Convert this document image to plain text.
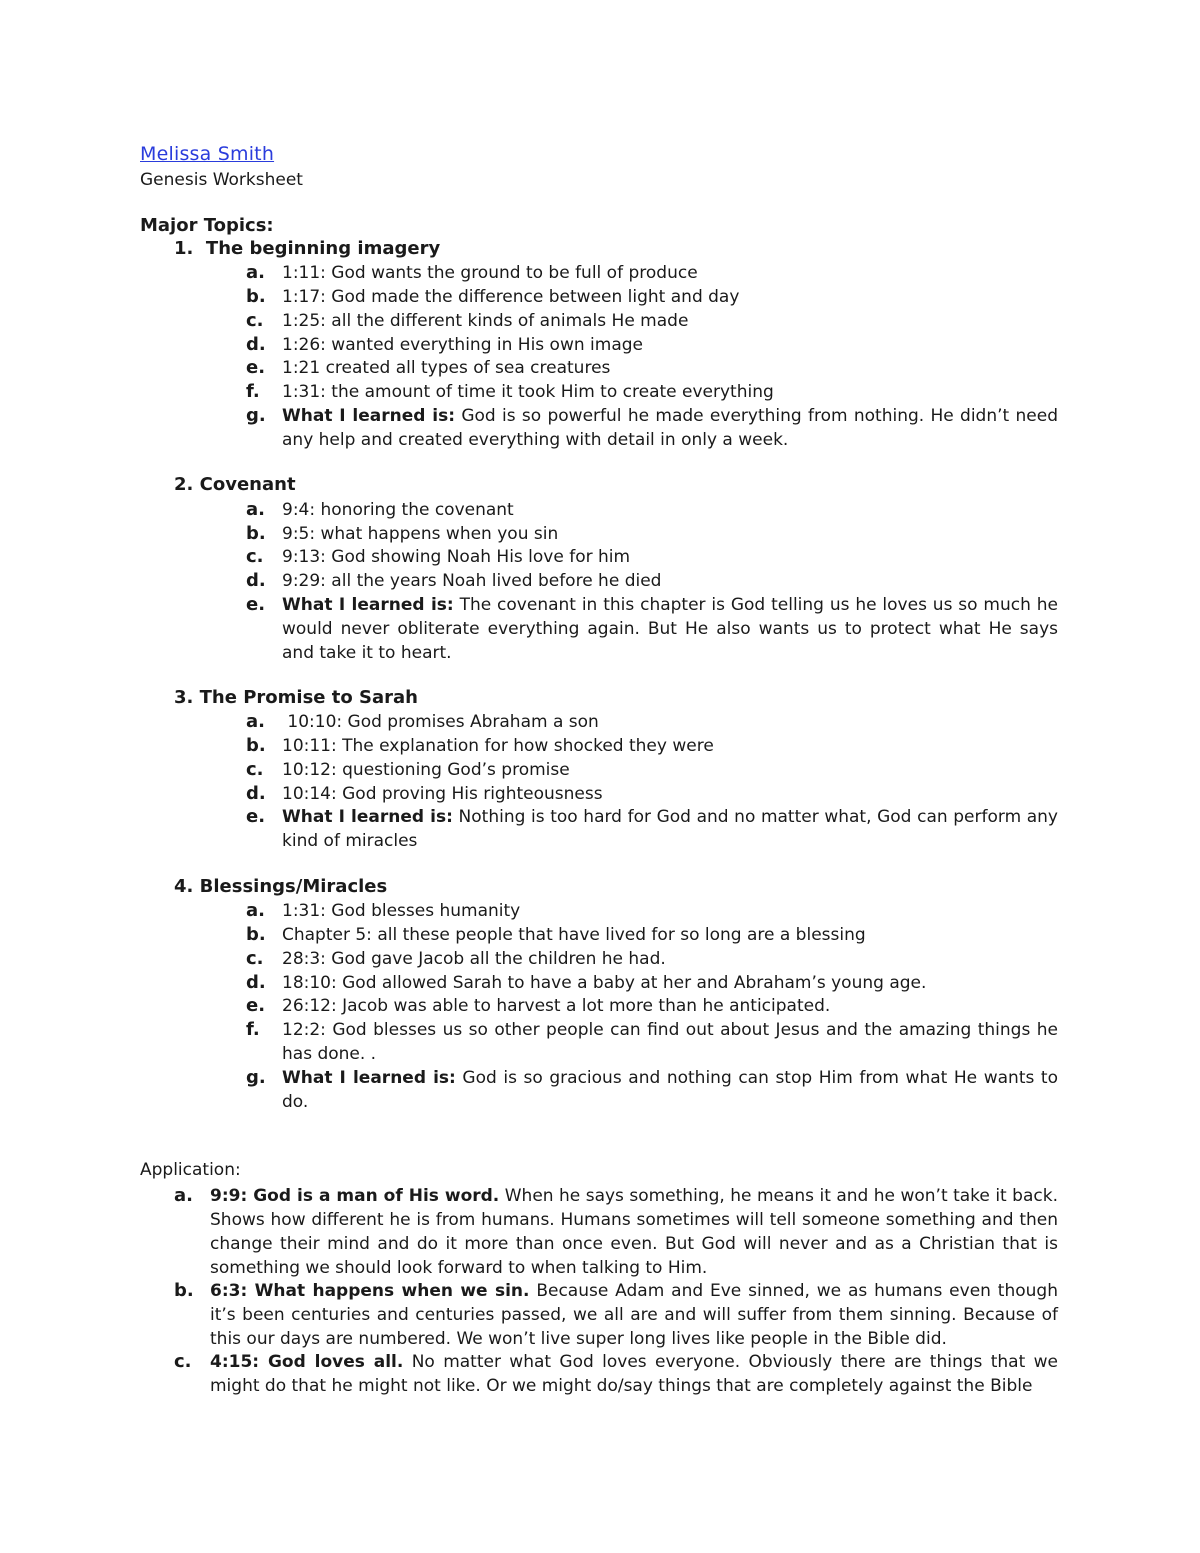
Melissa Smith
Genesis Worksheet
Major Topics:
1. The beginning imagery
a. 1:11: God wants the ground to be full of produce
b. 1:17: God made the difference between light and day
c. 1:25: all the different kinds of animals He made
d. 1:26: wanted everything in His own image
e. 1:21 created all types of sea creatures
f. 1:31: the amount of time it took Him to create everything
g. What I learned is: God is so powerful he made everything from nothing. He didn’t need any help and created everything with detail in only a week.
2. Covenant
a. 9:4: honoring the covenant
b. 9:5: what happens when you sin
c. 9:13: God showing Noah His love for him
d. 9:29: all the years Noah lived before he died
e. What I learned is: The covenant in this chapter is God telling us he loves us so much he would never obliterate everything again. But He also wants us to protect what He says and take it to heart.
3. The Promise to Sarah
a. 10:10: God promises Abraham a son
b. 10:11: The explanation for how shocked they were
c. 10:12: questioning God’s promise
d. 10:14: God proving His righteousness
e. What I learned is: Nothing is too hard for God and no matter what, God can perform any kind of miracles
4. Blessings/Miracles
a. 1:31: God blesses humanity
b. Chapter 5: all these people that have lived for so long are a blessing
c. 28:3: God gave Jacob all the children he had.
d. 18:10: God allowed Sarah to have a baby at her and Abraham’s young age.
e. 26:12: Jacob was able to harvest a lot more than he anticipated.
f. 12:2: God blesses us so other people can find out about Jesus and the amazing things he has done. .
g. What I learned is: God is so gracious and nothing can stop Him from what He wants to do.
Application:
a. 9:9: God is a man of His word. When he says something, he means it and he won’t take it back. Shows how different he is from humans. Humans sometimes will tell someone something and then change their mind and do it more than once even. But God will never and as a Christian that is something we should look forward to when talking to Him.
b. 6:3: What happens when we sin. Because Adam and Eve sinned, we as humans even though it’s been centuries and centuries passed, we all are and will suffer from them sinning. Because of this our days are numbered. We won’t live super long lives like people in the Bible did.
c. 4:15: God loves all. No matter what God loves everyone. Obviously there are things that we might do that he might not like. Or we might do/say things that are completely against the Bible
